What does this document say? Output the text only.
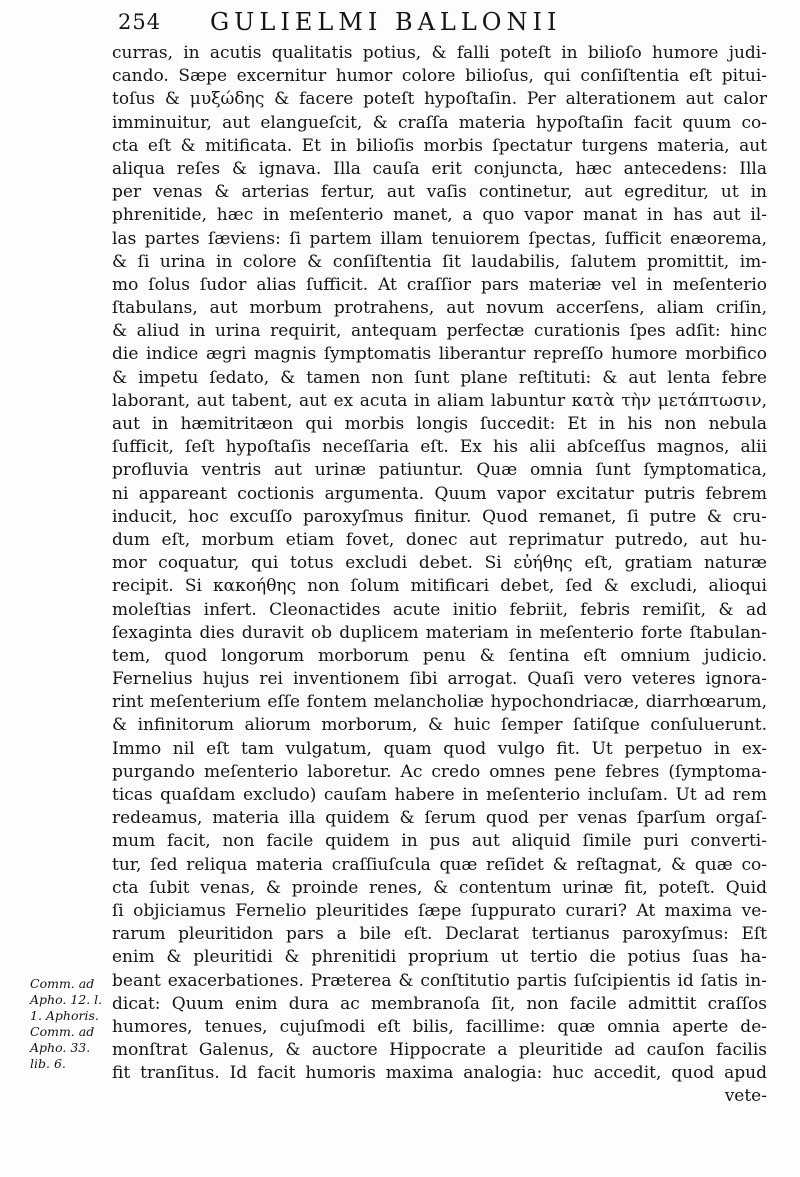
254 GULIELMI BALLONII
curras, in acutis qualitatis potius, & falli poteſt in bilioſo humore judi-
cando. Sæpe excernitur humor colore bilioſus, qui conſiſtentia eſt pitui-
toſus & μυξώδης & facere poteſt hypoſtaſin. Per alterationem aut calor
imminuitur, aut elangueſcit, & craſſa materia hypoſtaſin facit quum co-
cta eſt & mitificata. Et in bilioſis morbis ſpectatur turgens materia, aut
aliqua reſes & ignava. Illa cauſa erit conjuncta, hæc antecedens: Illa
per venas & arterias fertur, aut vaſis continetur, aut egreditur, ut in
phrenitide, hæc in meſenterio manet, a quo vapor manat in has aut il-
las partes ſæviens: ſi partem illam tenuiorem ſpectas, ſufficit enæorema,
& ſi urina in colore & conſiſtentia ſit laudabilis, ſalutem promittit, im-
mo ſolus ſudor alias ſufficit. At craſſior pars materiæ vel in meſenterio
ſtabulans, aut morbum protrahens, aut novum accerſens, aliam criſin,
& aliud in urina requirit, antequam perfectæ curationis ſpes adſit: hinc
die indice ægri magnis ſymptomatis liberantur repreſſo humore morbifico
& impetu ſedato, & tamen non ſunt plane reſtituti: & aut lenta febre
laborant, aut tabent, aut ex acuta in aliam labuntur κατὰ τὴν μετάπτωσιν,
aut in hæmitritæon qui morbis longis ſuccedit: Et in his non nebula
ſufficit, ſeſt hypoſtaſis neceſſaria eſt. Ex his alii abſceſſus magnos, alii
profluvia ventris aut urinæ patiuntur. Quæ omnia ſunt ſymptomatica,
ni appareant coctionis argumenta. Quum vapor excitatur putris febrem
inducit, hoc excuſſo paroxyſmus finitur. Quod remanet, ſi putre & cru-
dum eſt, morbum etiam fovet, donec aut reprimatur putredo, aut hu-
mor coquatur, qui totus excludi debet. Si εὐήθης eſt, gratiam naturæ
recipit. Si κακοήθης non ſolum mitificari debet, ſed & excludi, alioqui
moleſtias infert. Cleonactides acute initio febriit, febris remiſit, & ad
ſexaginta dies duravit ob duplicem materiam in meſenterio forte ſtabulan-
tem, quod longorum morborum penu & ſentina eſt omnium judicio.
Fernelius hujus rei inventionem ſibi arrogat. Quaſi vero veteres ignora-
rint meſenterium eſſe fontem melancholiæ hypochondriacæ, diarrhœarum,
& infinitorum aliorum morborum, & huic ſemper ſatiſque conſuluerunt.
Immo nil eſt tam vulgatum, quam quod vulgo fit. Ut perpetuo in ex-
purgando meſenterio laboretur. Ac credo omnes pene febres (ſymptoma-
ticas quaſdam excludo) cauſam habere in meſenterio incluſam. Ut ad rem
redeamus, materia illa quidem & ſerum quod per venas ſparſum orgaſ-
mum facit, non facile quidem in pus aut aliquid ſimile puri converti-
tur, ſed reliqua materia craſſiuſcula quæ reſidet & reſtagnat, & quæ co-
cta ſubit venas, & proinde renes, & contentum urinæ fit, poteſt. Quid
ſi objiciamus Fernelio pleuritides ſæpe ſuppurato curari? At maxima ve-
rarum pleuritidon pars a bile eſt. Declarat tertianus paroxyſmus: Eſt
enim & pleuritidi & phrenitidi proprium ut tertio die potius ſuas ha-
beant exacerbationes. Præterea & conſtitutio partis ſuſcipientis id ſatis in-
dicat: Quum enim dura ac membranoſa ſit, non facile admittit craſſos
humores, tenues, cujuſmodi eſt bilis, facillime: quæ omnia aperte de-
monſtrat Galenus, & auctore Hippocrate a pleuritide ad cauſon facilis
fit tranſitus. Id facit humoris maxima analogia: huc accedit, quod apud
vete-
Comm. ad
Apho. 12. l.
1. Aphoris.
Comm. ad
Apho. 33.
lib. 6.
